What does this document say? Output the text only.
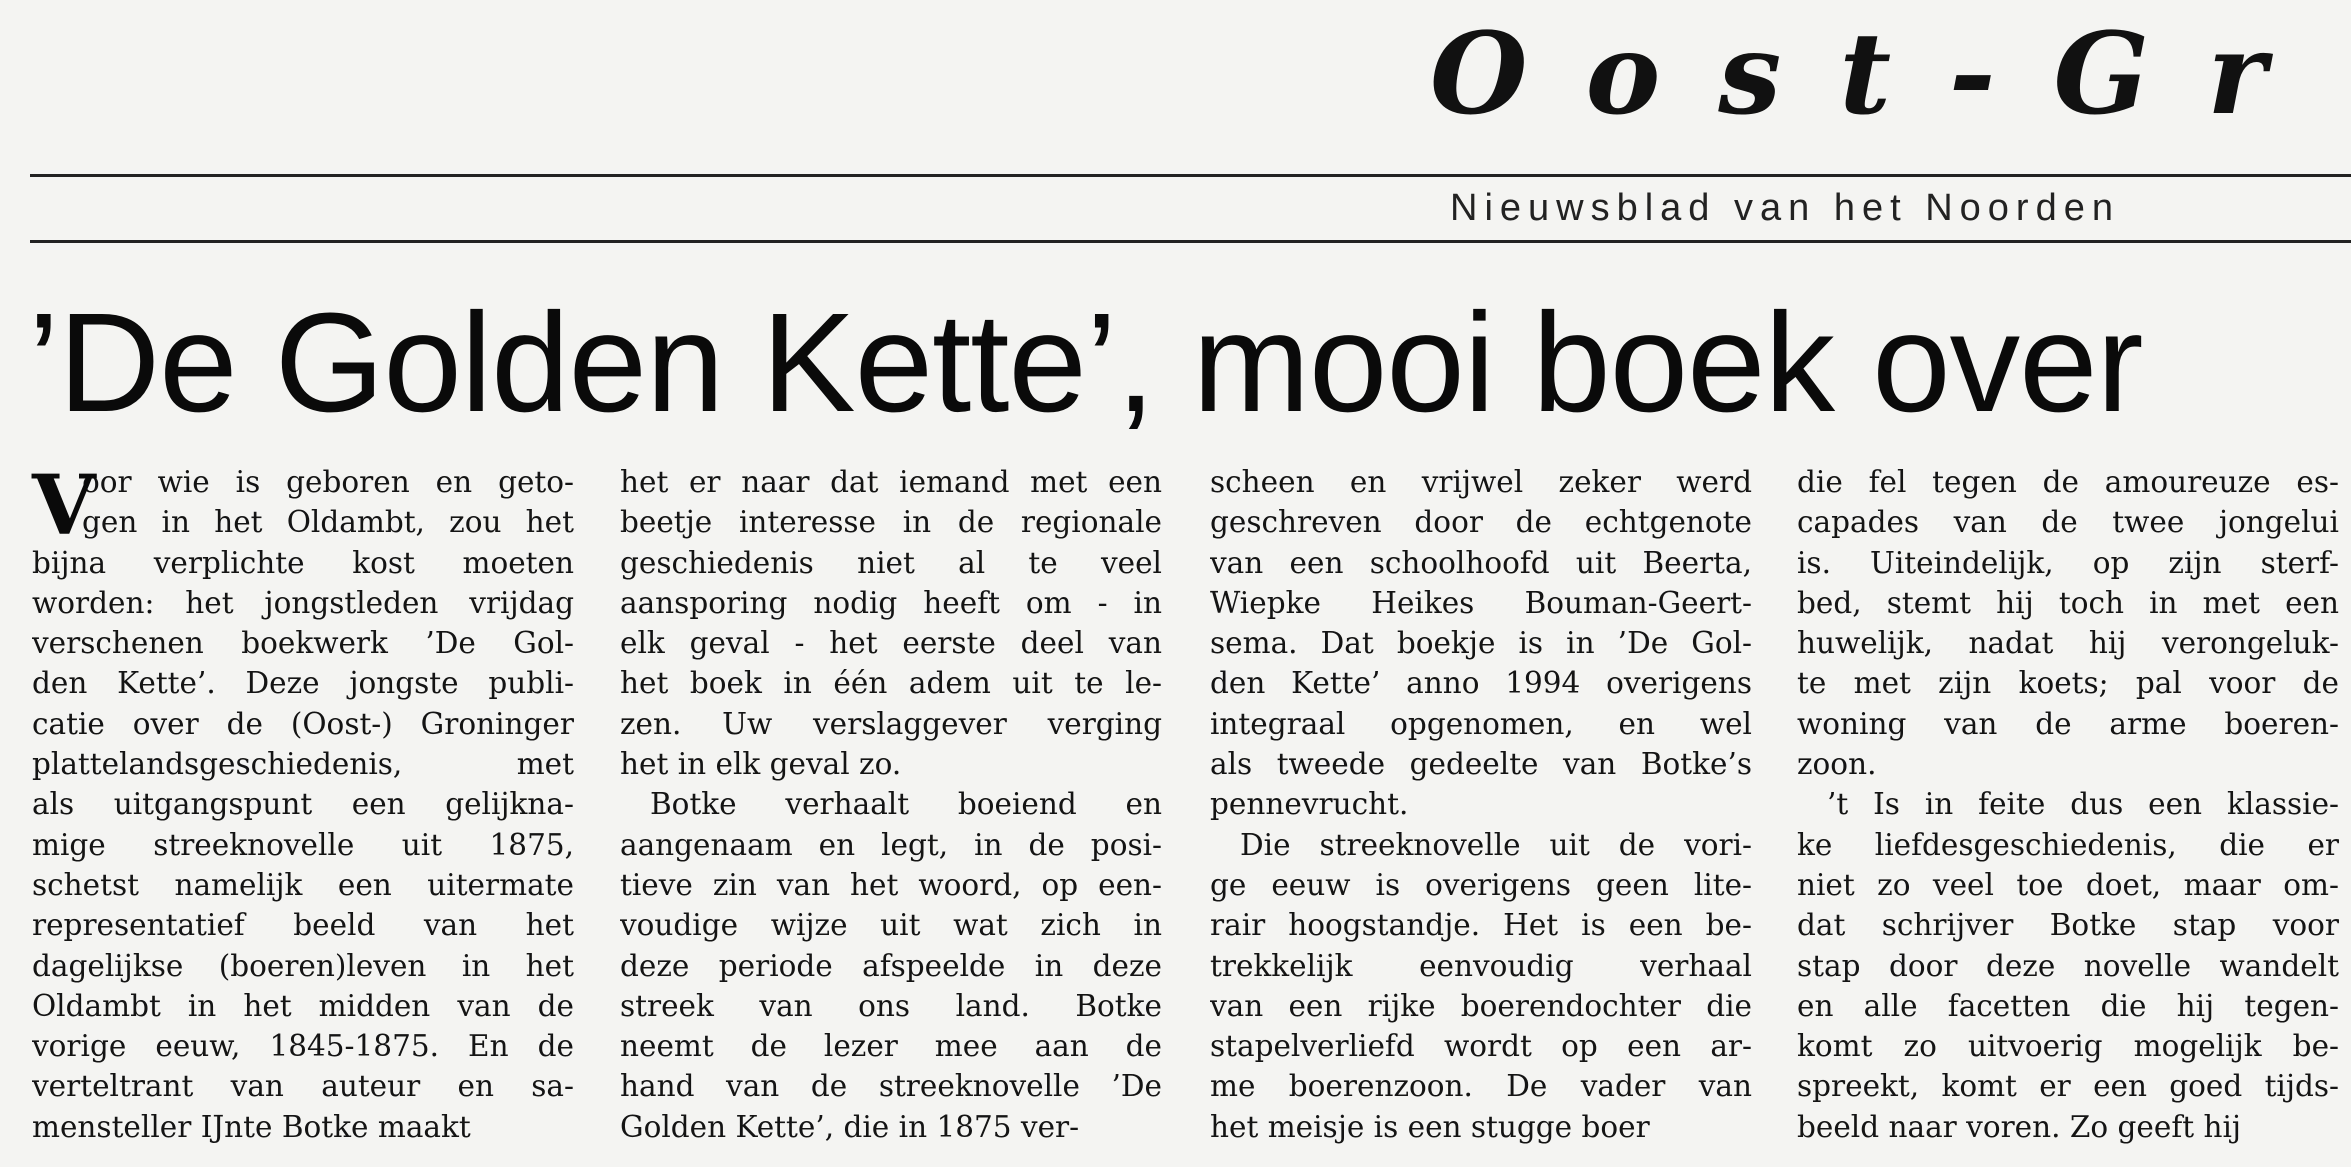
Oost-Gr
Nieuwsblad van het Noorden
’De Golden Kette’, mooi boek over
V
oor wie is geboren en geto-
gen in het Oldambt, zou het
bijna verplichte kost moeten
worden: het jongstleden vrijdag
verschenen boekwerk ’De Gol-
den Kette’. Deze jongste publi-
catie over de (Oost-) Groninger
plattelandsgeschiedenis, met
als uitgangspunt een gelijkna-
mige streeknovelle uit 1875,
schetst namelijk een uitermate
representatief beeld van het
dagelijkse (boeren)leven in het
Oldambt in het midden van de
vorige eeuw, 1845-1875. En de
verteltrant van auteur en sa-
mensteller IJnte Botke maakt
het er naar dat iemand met een
beetje interesse in de regionale
geschiedenis niet al te veel
aansporing nodig heeft om - in
elk geval - het eerste deel van
het boek in één adem uit te le-
zen. Uw verslaggever verging
het in elk geval zo.
Botke verhaalt boeiend en
aangenaam en legt, in de posi-
tieve zin van het woord, op een-
voudige wijze uit wat zich in
deze periode afspeelde in deze
streek van ons land. Botke
neemt de lezer mee aan de
hand van de streeknovelle ’De
Golden Kette’, die in 1875 ver-
scheen en vrijwel zeker werd
geschreven door de echtgenote
van een schoolhoofd uit Beerta,
Wiepke Heikes Bouman-Geert-
sema. Dat boekje is in ’De Gol-
den Kette’ anno 1994 overigens
integraal opgenomen, en wel
als tweede gedeelte van Botke’s
pennevrucht.
Die streeknovelle uit de vori-
ge eeuw is overigens geen lite-
rair hoogstandje. Het is een be-
trekkelijk eenvoudig verhaal
van een rijke boerendochter die
stapelverliefd wordt op een ar-
me boerenzoon. De vader van
het meisje is een stugge boer
die fel tegen de amoureuze es-
capades van de twee jongelui
is. Uiteindelijk, op zijn sterf-
bed, stemt hij toch in met een
huwelijk, nadat hij verongeluk-
te met zijn koets; pal voor de
woning van de arme boeren-
zoon.
’t Is in feite dus een klassie-
ke liefdesgeschiedenis, die er
niet zo veel toe doet, maar om-
dat schrijver Botke stap voor
stap door deze novelle wandelt
en alle facetten die hij tegen-
komt zo uitvoerig mogelijk be-
spreekt, komt er een goed tijds-
beeld naar voren. Zo geeft hij
